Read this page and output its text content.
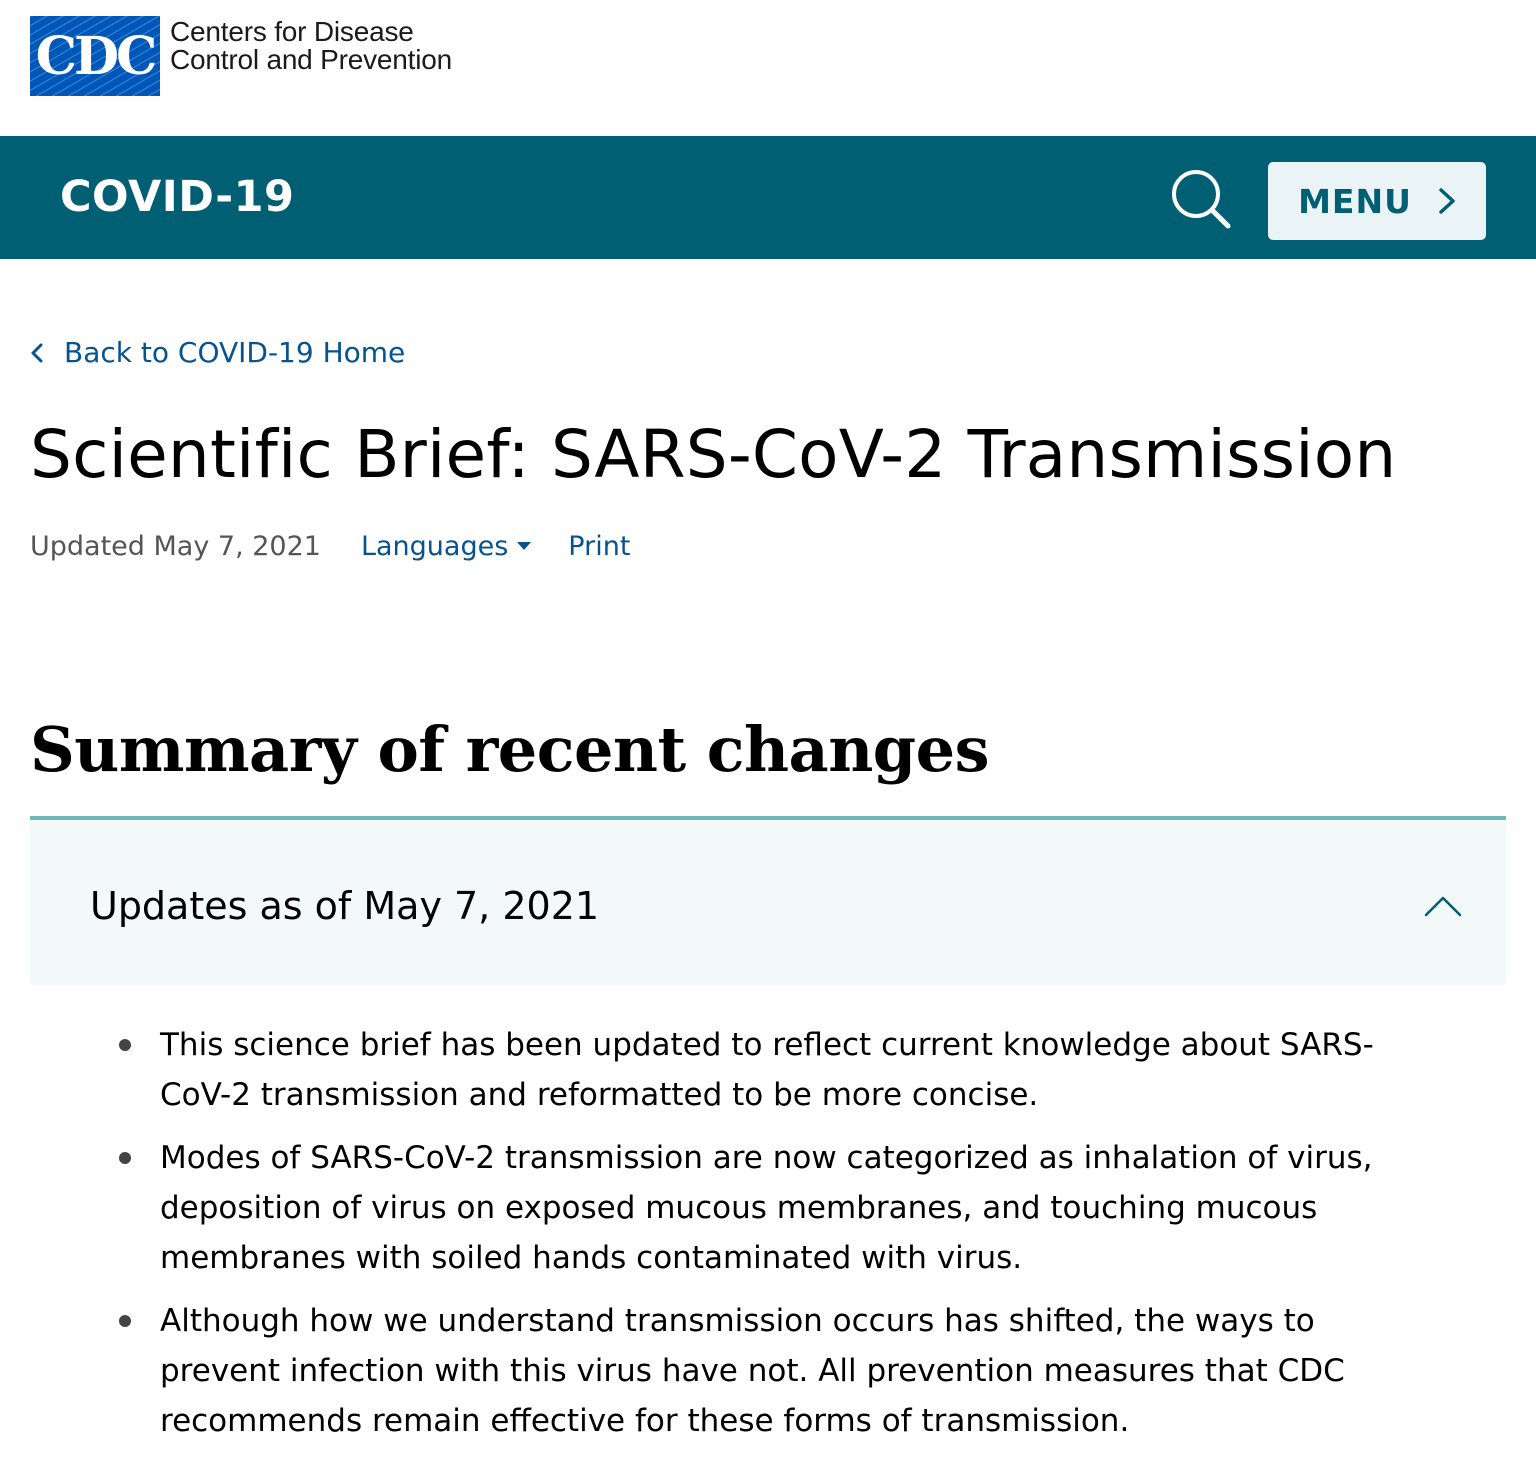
CDC Centers for Disease
Control and Prevention
COVID-19	MENU
Back to COVID-19 Home
Scientific Brief: SARS-CoV-2 Transmission
Updated May 7, 2021 Languages Print
Summary of recent changes
Updates as of May 7, 2021
This science brief has been updated to reflect current knowledge about SARS-CoV-2 transmission and reformatted to be more concise.
Modes of SARS-CoV-2 transmission are now categorized as inhalation of virus, deposition of virus on exposed mucous membranes, and touching mucous membranes with soiled hands contaminated with virus.
Although how we understand transmission occurs has shifted, the ways to prevent infection with this virus have not. All prevention measures that CDC recommends remain effective for these forms of transmission.
